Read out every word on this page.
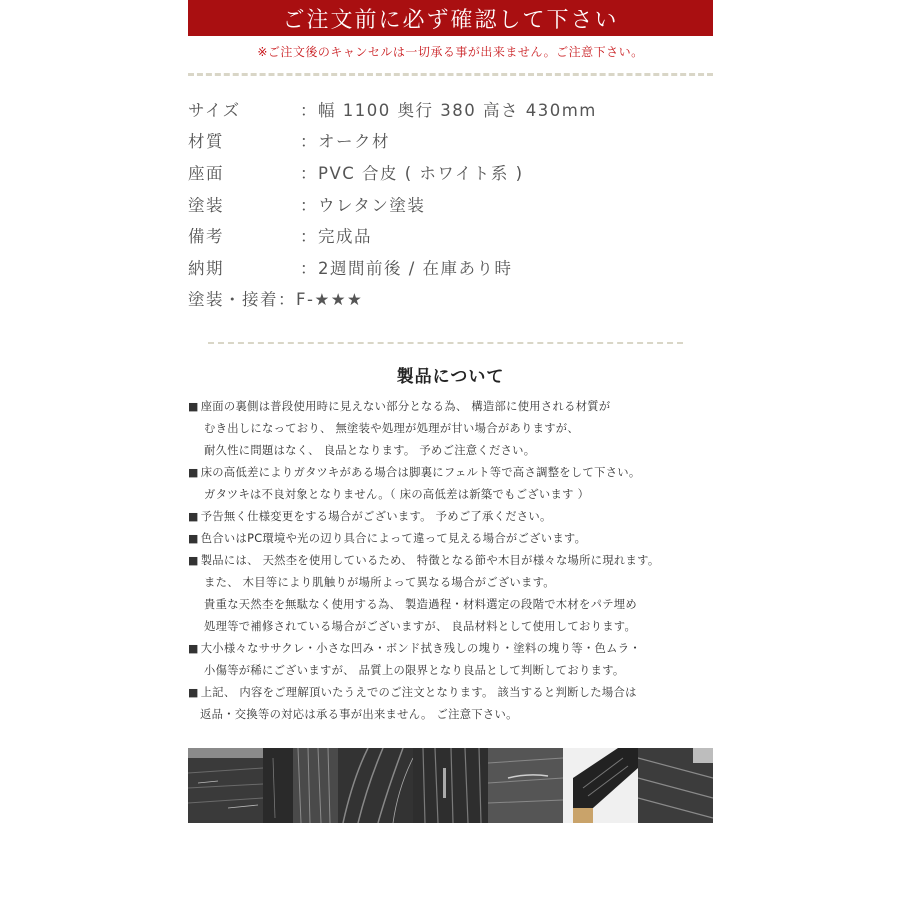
ご注文前に必ず確認して下さい
※ご注文後のキャンセルは一切承る事が出来ません。ご注意下さい。
サイズ	：幅 1100 奥行 380 高さ 430mm
材質	：オーク材
座面	：PVC 合皮 ( ホワイト系 )
塗装	：ウレタン塗装
備考	：完成品
納期	：2週間前後 / 在庫あり時
塗装・接着 ：F-★★★
製品について
■ 座面の裏側は普段使用時に見えない部分となる為、 構造部に使用される材質が
むき出しになっており、 無塗装や処理が処理が甘い場合がありますが、
耐久性に問題はなく、 良品となります。 予めご注意ください。
■ 床の高低差によりガタツキがある場合は脚裏にフェルト等で高さ調整をして下さい。
ガタツキは不良対象となりません。（ 床の高低差は新築でもございます ）
■ 予告無く仕様変更をする場合がございます。 予めご了承ください。
■ 色合いはPC環境や光の辺り具合によって違って見える場合がございます。
■ 製品には、 天然杢を使用しているため、 特徴となる節や木目が様々な場所に現れます。
また、 木目等により肌触りが場所よって異なる場合がございます。
貴重な天然杢を無駄なく使用する為、 製造過程・材料選定の段階で木材をパテ埋め
処理等で補修されている場合がございますが、 良品材料として使用しております。
■ 大小様々なササクレ・小さな凹み・ボンド拭き残しの塊り・塗料の塊り等・色ムラ・
小傷等が稀にございますが、 品質上の限界となり良品として判断しております。
■ 上記、 内容をご理解頂いたうえでのご注文となります。 該当すると判断した場合は
返品・交換等の対応は承る事が出来ません。 ご注意下さい。
